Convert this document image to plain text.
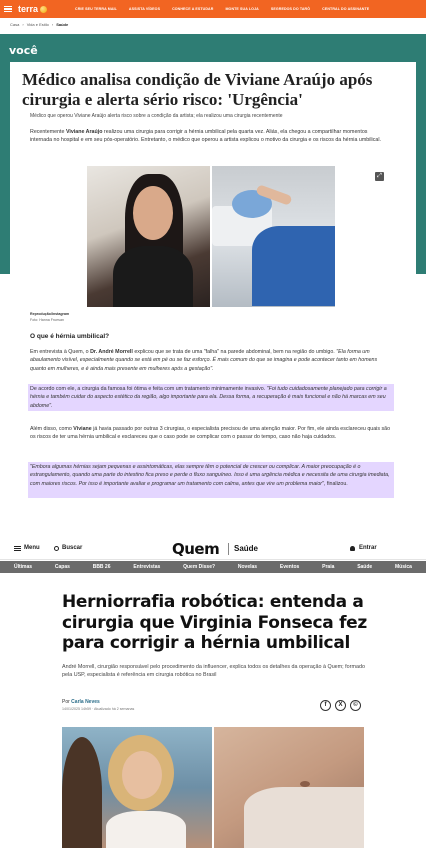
terra	CRIE SEU TERRA MAIL	ASSISTA VÍDEOS	CONHECE A ESTUDAR	MONTE SUA LOJA	SEGREDOS DO TARÔ	CENTRAL DO ASSINANTE
Casa › Vida e Estilo › Saúde
você
Médico analisa condição de Viviane Araújo após cirurgia e alerta sério risco: 'Urgência'
Médico que operou Viviane Araújo alerta risco sobre a condição da artista; ela realizou uma cirurgia recentemente

Recentemente Viviane Araújo realizou uma cirurgia para corrigir a hérnia umbilical pela quarta vez. Aliás, ela chegou a compartilhar momentos internada no hospital e em seu pós-operatório. Entretanto, o médico que operou a artista explicou o motivo da cirurgia e os riscos da hérnia umbilical.

⤢
Reprodução/Instagram
Foto: Hanna Fruesan
O que é hérnia umbilical?

Em entrevista à Quem, o Dr. André Morrell explicou que se trata de uma "falha" na parede abdominal, bem na região do umbigo. "Ela forma um abaulamento visível, especialmente quando se está em pé ou se faz esforço. É mais comum do que se imagina e pode acontecer tanto em homens quanto em mulheres, e é ainda mais presente em mulheres após a gestação".

De acordo com ele, a cirurgia da famosa foi ótima e feita com um tratamento minimamente invasivo. "Foi tudo cuidadosamente planejado para corrigir a hérnia e também cuidar do aspecto estético da região, algo importante para ela. Dessa forma, a recuperação é mais funcional e não há marcas em seu abdome".

Além disso, como Viviane já havia passado por outras 3 cirurgias, o especialista precisou de uma atenção maior. Por fim, ele ainda esclareceu quais são os riscos de ter uma hérnia umbilical e esclareceu que o caso pode se complicar com o passar do tempo, caso não haja cuidados.

"Embora algumas hérnias sejam pequenas e assintomáticas, elas sempre têm o potencial de crescer ou complicar. A maior preocupação é o estrangulamento, quando uma parte do intestino fica preso e perde o fluxo sanguíneo. Isso é uma urgência médica e necessita de uma cirurgia imediata, com maiores riscos. Por isso é importante avaliar e programar um tratamento com calma, antes que vire um problema maior", finalizou.

Menu	Buscar	Quem Saúde	Entrar
Últimas	Capas	BBB 26	Entrevistas	Quem Disse?	Novelas	Eventos	Praia	Saúde	Música
Herniorrafia robótica: entenda a cirurgia que Virginia Fonseca fez para corrigir a hérnia umbilical

André Morrell, cirurgião responsável pelo procedimento da influencer, explica todos os detalhes da operação à Quem; formado pela USP, especialista é referência em cirurgia robótica no Brasil

Por Carla Neves
14/01/2025 14h59 · Atualizado há 2 semanas
f	X	©
